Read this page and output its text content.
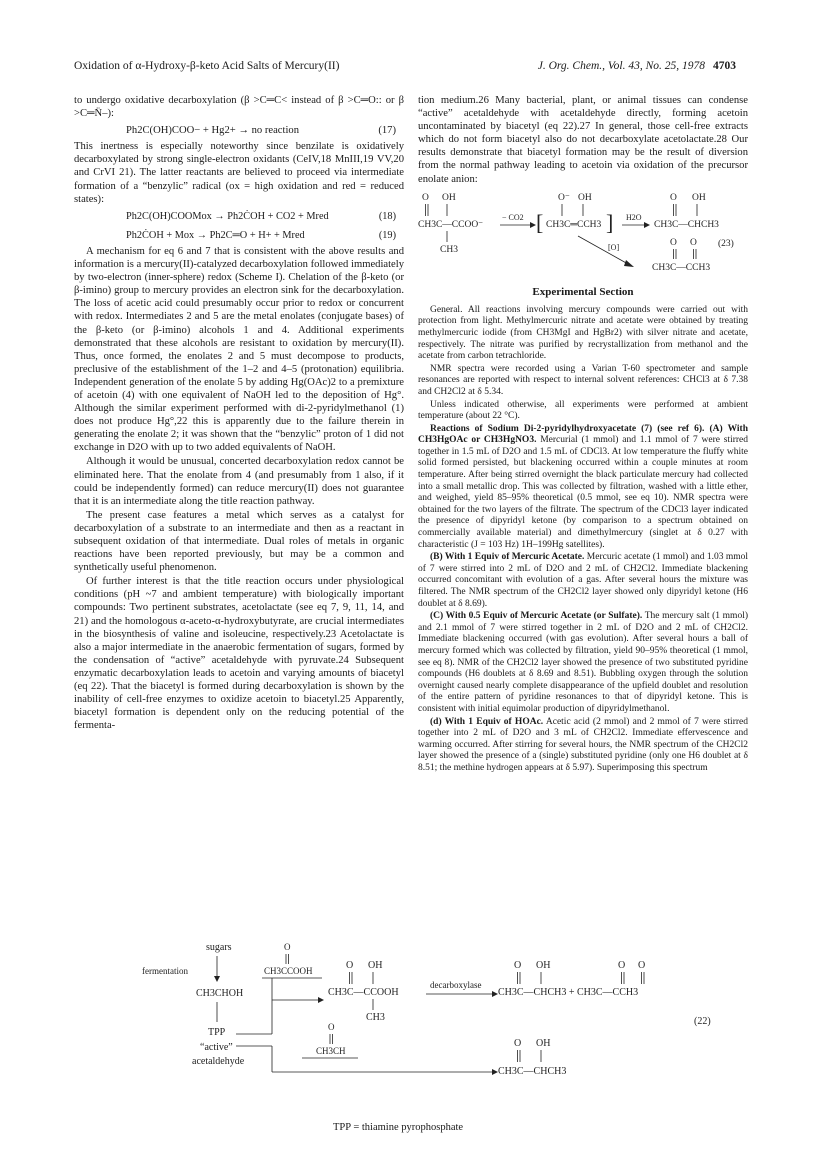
Oxidation of α-Hydroxy-β-keto Acid Salts of Mercury(II)	J. Org. Chem., Vol. 43, No. 25, 1978 4703

to undergo oxidative decarboxylation (β >C═C< instead of β >C═O:: or β >C═N̈–):

Ph2C(OH)COO− + Hg2+ → no reaction	(17)

This inertness is especially noteworthy since benzilate is oxidatively decarboxylated by strong single-electron oxidants (CeIV,18 MnIII,19 VV,20 and CrVI 21). The latter reactants are believed to proceed via intermediate formation of a “benzylic” radical (ox = high oxidation and red = reduced states):

Ph2C(OH)COOMox → Ph2ĊOH + CO2 + Mred	(18)
Ph2ĊOH + Mox → Ph2C═O + H+ + Mred	(19)

A mechanism for eq 6 and 7 that is consistent with the above results and information is a mercury(II)-catalyzed decarboxylation followed immediately by two-electron (inner-sphere) redox (Scheme I). Chelation of the β-keto (or β-imino) group to mercury provides an electron sink for the decarboxylation. The loss of acetic acid could presumably occur prior to redox or concurrent with redox. Intermediates 2 and 5 are the metal enolates (conjugate bases) of the β-keto (or β-imino) alcohols 1 and 4. Additional experiments demonstrated that these alcohols are resistant to oxidation by mercury(II). Thus, once formed, the enolates 2 and 5 must decompose to products, preclusive of the establishment of the 1–2 and 4–5 (protonation) equilibria. Independent generation of the enolate 5 by adding Hg(OAc)2 to a premixture of acetoin (4) with one equivalent of NaOH led to the deposition of Hg°. Although the similar experiment performed with di-2-pyridylmethanol (1) does not produce Hg°,22 this is apparently due to the failure therein in generating the enolate 2; it was shown that the “benzylic” proton of 1 did not exchange in D2O with up to two added equivalents of NaOH.

Although it would be unusual, concerted decarboxylation redox cannot be eliminated here. That the enolate from 4 (and presumably from 1 also, if it could be independently formed) can reduce mercury(II) does not guarantee that it is an intermediate along the title reaction pathway.

The present case features a metal which serves as a catalyst for decarboxylation of a substrate to an intermediate and then as a reactant in subsequent oxidation of that intermediate. Dual roles of metals in organic reactions have been reported previously, but may be a common and synthetically useful phenomenon.

Of further interest is that the title reaction occurs under physiological conditions (pH ~7 and ambient temperature) with biologically important compounds: Two pertinent substrates, acetolactate (see eq 7, 9, 11, 14, and 21) and the homologous α-aceto-α-hydroxybutyrate, are crucial intermediates in the biosynthesis of valine and isoleucine, respectively.23 Acetolactate is also a major intermediate in the anaerobic fermentation of sugars, formed by the condensation of “active” acetaldehyde with pyruvate.24 Subsequent enzymatic decarboxylation leads to acetoin and varying amounts of biacetyl (eq 22). That the biacetyl is formed during decarboxylation is shown by the inability of cell-free enzymes to oxidize acetoin to biacetyl.25 Apparently, biacetyl formation is dependent only on the reducing potential of the fermenta-

tion medium.26 Many bacterial, plant, or animal tissues can condense “active” acetaldehyde with acetaldehyde directly, forming acetoin uncontaminated by biacetyl (eq 22).27 In general, those cell-free extracts which do not form biacetyl also do not decarboxylate acetolactate.28 Our results demonstrate that biacetyl formation may be the result of diversion from the normal pathway leading to acetoin via oxidation of the precursor enolate anion:

O OH
CH3C—CCOO⁻
CH3
− CO2 [
O⁻ OH
CH3C═CCH3 ] H2O
O OH
CH3C—CHCH3
[O]	O O
CH3C—CCH3
(23)
Experimental Section

General. All reactions involving mercury compounds were carried out with protection from light. Methylmercuric nitrate and acetate were obtained by treating methylmercuric iodide (from CH3MgI and HgBr2) with silver nitrate and acetate, respectively. The nitrate was purified by recrystallization from methanol and the acetate from carbon tetrachloride.

NMR spectra were recorded using a Varian T-60 spectrometer and sample resonances are reported with respect to internal solvent references: CHCl3 at δ 7.38 and CH2Cl2 at δ 5.34.

Unless indicated otherwise, all experiments were performed at ambient temperature (about 22 °C).

Reactions of Sodium Di-2-pyridylhydroxyacetate (7) (see ref 6). (A) With CH3HgOAc or CH3HgNO3. Mercurial (1 mmol) and 1.1 mmol of 7 were stirred together in 1.5 mL of D2O and 1.5 mL of CDCl3. At low temperature the fluffy white solid formed persisted, but blackening occurred within a couple minutes at room temperature. After being stirred overnight the black particulate mercury had collected into a small metallic drop. This was collected by filtration, washed with a little ether, and weighed, yield 85–95% theoretical (0.5 mmol, see eq 10). NMR spectra were obtained for the two layers of the filtrate. The spectrum of the CDCl3 layer indicated the presence of dipyridyl ketone (by comparison to a spectrum obtained on commercially available material) and dimethylmercury (singlet at δ 0.27 with characteristic (J = 103 Hz) 1H–199Hg satellites).

(B) With 1 Equiv of Mercuric Acetate. Mercuric acetate (1 mmol) and 1.03 mmol of 7 were stirred into 2 mL of D2O and 2 mL of CH2Cl2. Immediate blackening occurred concomitant with evolution of a gas. After several hours the mixture was filtered. The NMR spectrum of the CH2Cl2 layer showed only dipyridyl ketone (H6 doublet at δ 8.69).

(C) With 0.5 Equiv of Mercuric Acetate (or Sulfate). The mercury salt (1 mmol) and 2.1 mmol of 7 were stirred together in 2 mL of D2O and 2 mL of CH2Cl2. Immediate blackening occurred (with gas evolution). After several hours a ball of mercury formed which was collected by filtration, yield 90–95% theoretical (1 mmol, see eq 8). NMR of the CH2Cl2 layer showed the presence of two substituted pyridine compounds (H6 doublets at δ 8.69 and 8.51). Bubbling oxygen through the solution overnight caused nearly complete disappearance of the upfield doublet and resolution of the entire pattern of pyridine resonances to that of dipyridyl ketone. This is consistent with initial equimolar production of dipyridylmethanol.

(d) With 1 Equiv of HOAc. Acetic acid (2 mmol) and 2 mmol of 7 were stirred together into 2 mL of D2O and 3 mL of CH2Cl2. Immediate effervescence and warming occurred. After stirring for several hours, the NMR spectrum of the CH2Cl2 layer showed the presence of a (single) substituted pyridine (only one H6 doublet at δ 8.51; the methine hydrogen appears at δ 5.97). Superimposing this spectrum

sugars
fermentation
CH3CHOH
TPP
“active”
acetaldehyde
O
CH3CCOOH	O OH
CH3C—CCOOH
CH3
decarboxylase
O OH
CH3C—CHCH3 + CH3C—CCH3
O O
(22)
O
CH3CH
O OH
CH3C—CHCH3
TPP = thiamine pyrophosphate
